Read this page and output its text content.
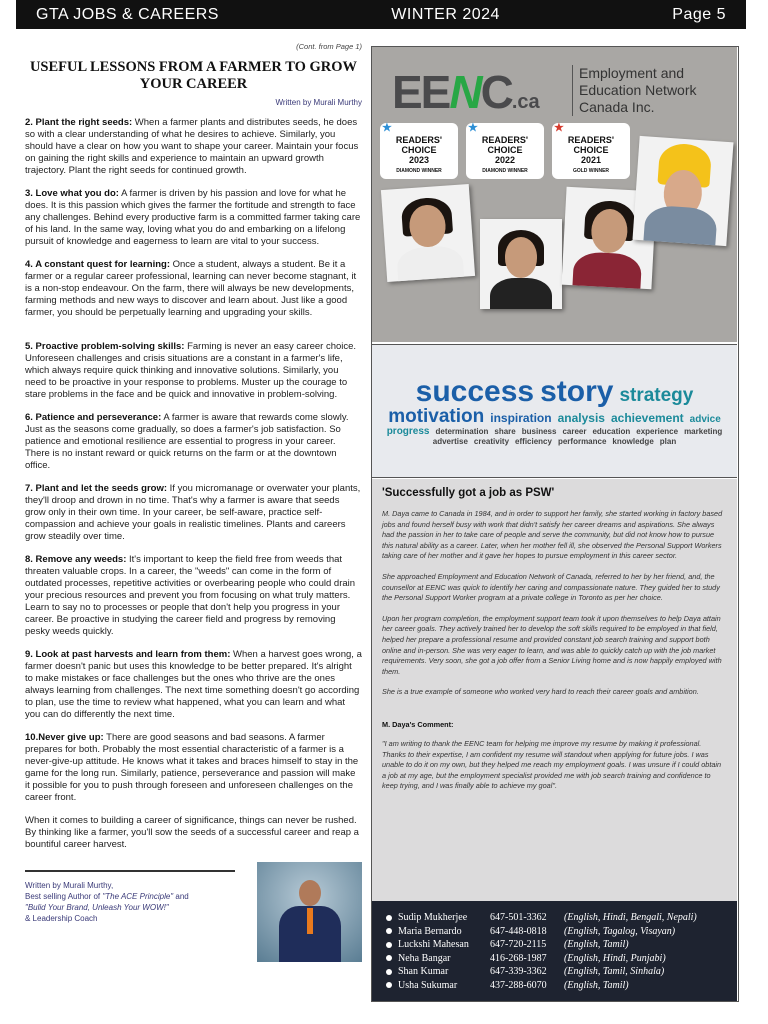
GTA JOBS & CAREERS	WINTER 2024	Page 5
(Cont. from Page 1)
USEFUL LESSONS FROM A FARMER TO GROW YOUR CAREER
Written by Murali Murthy

2. Plant the right seeds: When a farmer plants and distributes seeds, he does so with a clear understanding of what he desires to achieve. Similarly, you should have a clear on how you want to shape your career. Maintain your focus on gaining the right skills and experience to maintain an upward growth trajectory. Plant the right seeds for continued growth.

3. Love what you do: A farmer is driven by his passion and love for what he does. It is this passion which gives the farmer the fortitude and strength to face any challenges. Behind every productive farm is a committed farmer taking care of his land. In the same way, loving what you do and embarking on a lifelong pursuit of knowledge and eagerness to learn are vital to your success.

4. A constant quest for learning: Once a student, always a student. Be it a farmer or a regular career professional, learning can never become stagnant, it is a non-stop endeavour. On the farm, there will always be new developments, farming methods and new ways to discover and learn about. Just like a good farmer, you should be perpetually learning and upgrading your skills.

5. Proactive problem-solving skills: Farming is never an easy career choice. Unforeseen challenges and crisis situations are a constant in a farmer's life, which always require quick thinking and innovative solutions. Similarly, you need to be proactive in your response to problems. Muster up the courage to stare problems in the face and be quick and innovative in problem-solving.

6. Patience and perseverance: A farmer is aware that rewards come slowly. Just as the seasons come gradually, so does a farmer's job satisfaction. So patience and emotional resilience are essential to progress in your career. There is no instant reward or quick returns on the farm or at the downtown office.

7. Plant and let the seeds grow: If you micromanage or overwater your plants, they'll droop and drown in no time. That's why a farmer is aware that seeds grow only in their own time. In your career, be self-aware, practice self-compassion and achieve your goals in realistic timelines. Plants and careers grow steadily over time.

8. Remove any weeds: It's important to keep the field free from weeds that threaten valuable crops. In a career, the "weeds" can come in the form of outdated processes, repetitive activities or overbearing people who could drain your precious resources and prevent you from focusing on what truly matters. Learn to say no to processes or people that don't help you progress in your career. Be proactive in studying the career field and progress by removing pesky weeds quickly.

9. Look at past harvests and learn from them: When a harvest goes wrong, a farmer doesn't panic but uses this knowledge to be better prepared. It's alright to make mistakes or face challenges but the ones who thrive are the ones always learning from challenges. The next time something doesn't go according to plan, use the time to review what happened, what you can learn and what you can do differently the next time.

10.Never give up: There are good seasons and bad seasons. A farmer prepares for both. Probably the most essential characteristic of a farmer is a never-give-up attitude. He knows what it takes and braces himself to stay in the game for the long run. Similarly, patience, perseverance and passion will make it possible for you to push through foreseen and unforeseen challenges on the career front.

When it comes to building a career of significance, things can never be rushed. By thinking like a farmer, you'll sow the seeds of a successful career and reap a bountiful career harvest.

Written by Murali Murthy,
Best selling Author of "The ACE Principle" and
"Bulid Your Brand, Unleash Your WOW!"
& Leadership Coach
EENC.ca
Employment and
Education Network
Canada Inc.
★
READERS' CHOICE
2023
DIAMOND WINNER
★
READERS' CHOICE
2022
DIAMOND WINNER
★
READERS' CHOICE
2021
GOLD WINNER
success story strategy
motivation inspiration analysis achievement advice
progress determination share business career education experience marketing
advertise creativity efficiency performance knowledge plan
'Successfully got a job as PSW'

M. Daya came to Canada in 1984, and in order to support her family, she started working in factory based jobs and found herself busy with work that didn't satisfy her career dreams and aspirations. She always had the passion in her to take care of people and serve the community, but did not know how to pursue this natural ability as a career. Later, when her mother fell ill, she observed the Personal Support Workers taking care of her mother and it gave her hopes to pursue employment in this career sector.

She approached Employment and Education Network of Canada, referred to her by her friend, and, the counsellor at EENC was quick to identify her caring and compassionate nature. They guided her to study the Personal Support Worker program at a private college in Toronto as per her choice.

Upon her program completion, the employment support team took it upon themselves to help Daya attain her career goals. They actively trained her to develop the soft skills required to be employed in that field, helped her prepare a professional resume and provided constant job search training and support both online and in-person. She was very eager to learn, and was able to quickly catch up with the job market requirements. Very soon, she got a job offer from a Senior Living home and is now happily employed with them.

She is a true example of someone who worked very hard to reach their career goals and ambition.

M. Daya's Comment:

"I am writing to thank the EENC team for helping me improve my resume by making it professional. Thanks to their expertise, I am confident my resume will standout when applying for future jobs. I was unable to do it on my own, but they helped me reach my employment goals. I was unsure if I could obtain a job at my age, but the employment specialist provided me with job search training and confidence to keep trying, and I was finally able to achieve my goal".

Sudip Mukherjee	647-501-3362	(English, Hindi, Bengali, Nepali)
Maria Bernardo	647-448-0818	(English, Tagalog, Visayan)
Luckshi Mahesan	647-720-2115	(English, Tamil)
Neha Bangar	416-268-1987	(English, Hindi, Punjabi)
Shan Kumar	647-339-3362	(English, Tamil, Sinhala)
Usha Sukumar	437-288-6070	(English, Tamil)
